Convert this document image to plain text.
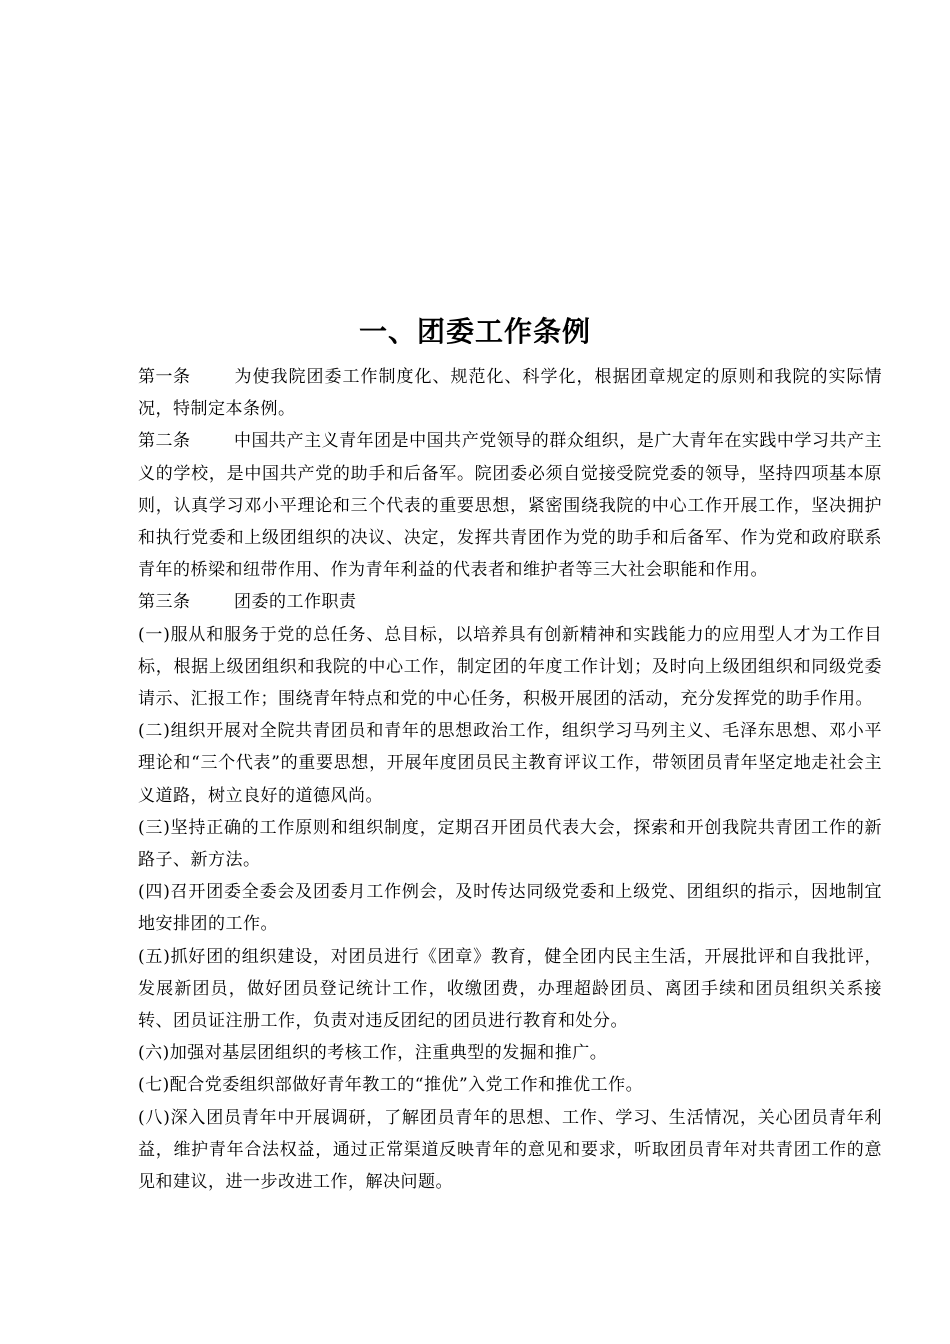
一、团委工作条例

第一条	为使我院团委工作制度化、规范化、科学化，根据团章规定的原则和我院的实际情况，特制定本条例。

第二条	中国共产主义青年团是中国共产党领导的群众组织，是广大青年在实践中学习共产主义的学校，是中国共产党的助手和后备军。院团委必须自觉接受院党委的领导，坚持四项基本原则，认真学习邓小平理论和三个代表的重要思想，紧密围绕我院的中心工作开展工作，坚决拥护和执行党委和上级团组织的决议、决定，发挥共青团作为党的助手和后备军、作为党和政府联系青年的桥梁和纽带作用、作为青年利益的代表者和维护者等三大社会职能和作用。

第三条	团委的工作职责

(一)服从和服务于党的总任务、总目标，以培养具有创新精神和实践能力的应用型人才为工作目标，根据上级团组织和我院的中心工作，制定团的年度工作计划；及时向上级团组织和同级党委请示、汇报工作；围绕青年特点和党的中心任务，积极开展团的活动，充分发挥党的助手作用。

(二)组织开展对全院共青团员和青年的思想政治工作，组织学习马列主义、毛泽东思想、邓小平理论和“三个代表”的重要思想，开展年度团员民主教育评议工作，带领团员青年坚定地走社会主义道路，树立良好的道德风尚。

(三)坚持正确的工作原则和组织制度，定期召开团员代表大会，探索和开创我院共青团工作的新路子、新方法。

(四)召开团委全委会及团委月工作例会，及时传达同级党委和上级党、团组织的指示，因地制宜地安排团的工作。

(五)抓好团的组织建设，对团员进行《团章》教育，健全团内民主生活，开展批评和自我批评，发展新团员，做好团员登记统计工作，收缴团费，办理超龄团员、离团手续和团员组织关系接转、团员证注册工作，负责对违反团纪的团员进行教育和处分。

(六)加强对基层团组织的考核工作，注重典型的发掘和推广。

(七)配合党委组织部做好青年教工的“推优”入党工作和推优工作。

(八)深入团员青年中开展调研，了解团员青年的思想、工作、学习、生活情况，关心团员青年利益，维护青年合法权益，通过正常渠道反映青年的意见和要求，听取团员青年对共青团工作的意见和建议，进一步改进工作，解决问题。
